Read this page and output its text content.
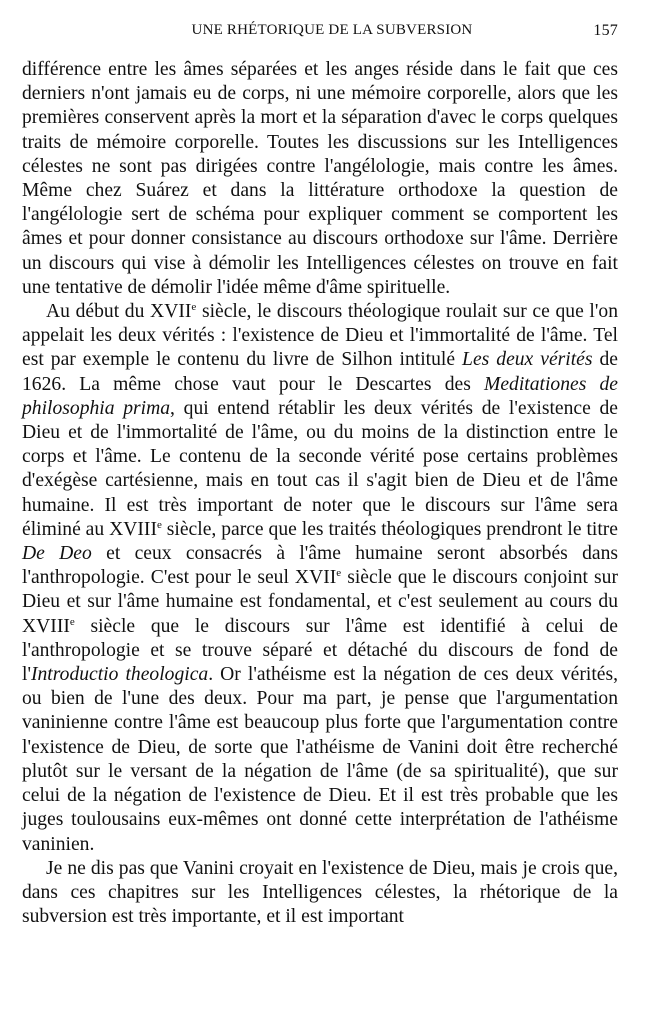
UNE RHÉTORIQUE DE LA SUBVERSION	157

différence entre les âmes séparées et les anges réside dans le fait que ces derniers n'ont jamais eu de corps, ni une mémoire corporelle, alors que les premières conservent après la mort et la séparation d'avec le corps quelques traits de mémoire corporelle. Toutes les discussions sur les Intelligences célestes ne sont pas dirigées contre l'angélologie, mais contre les âmes. Même chez Suárez et dans la littérature orthodoxe la question de l'angélologie sert de schéma pour expliquer comment se comportent les âmes et pour donner consistance au discours orthodoxe sur l'âme. Derrière un discours qui vise à démolir les Intelligences célestes on trouve en fait une tentative de démolir l'idée même d'âme spirituelle.

Au début du XVIIe siècle, le discours théologique roulait sur ce que l'on appelait les deux vérités : l'existence de Dieu et l'immortalité de l'âme. Tel est par exemple le contenu du livre de Silhon intitulé Les deux vérités de 1626. La même chose vaut pour le Descartes des Meditationes de philosophia prima, qui entend rétablir les deux vérités de l'existence de Dieu et de l'immortalité de l'âme, ou du moins de la distinction entre le corps et l'âme. Le contenu de la seconde vérité pose certains problèmes d'exégèse cartésienne, mais en tout cas il s'agit bien de Dieu et de l'âme humaine. Il est très important de noter que le discours sur l'âme sera éliminé au XVIIIe siècle, parce que les traités théologiques prendront le titre De Deo et ceux consacrés à l'âme humaine seront absorbés dans l'anthropologie. C'est pour le seul XVIIe siècle que le discours conjoint sur Dieu et sur l'âme humaine est fondamental, et c'est seulement au cours du XVIIIe siècle que le discours sur l'âme est identifié à celui de l'anthropologie et se trouve séparé et détaché du discours de fond de l'Introductio theologica. Or l'athéisme est la négation de ces deux vérités, ou bien de l'une des deux. Pour ma part, je pense que l'argumentation vaninienne contre l'âme est beaucoup plus forte que l'argumentation contre l'existence de Dieu, de sorte que l'athéisme de Vanini doit être recherché plutôt sur le versant de la négation de l'âme (de sa spiritualité), que sur celui de la négation de l'existence de Dieu. Et il est très probable que les juges toulousains eux-mêmes ont donné cette interprétation de l'athéisme vaninien.

Je ne dis pas que Vanini croyait en l'existence de Dieu, mais je crois que, dans ces chapitres sur les Intelligences célestes, la rhétorique de la subversion est très importante, et il est important
